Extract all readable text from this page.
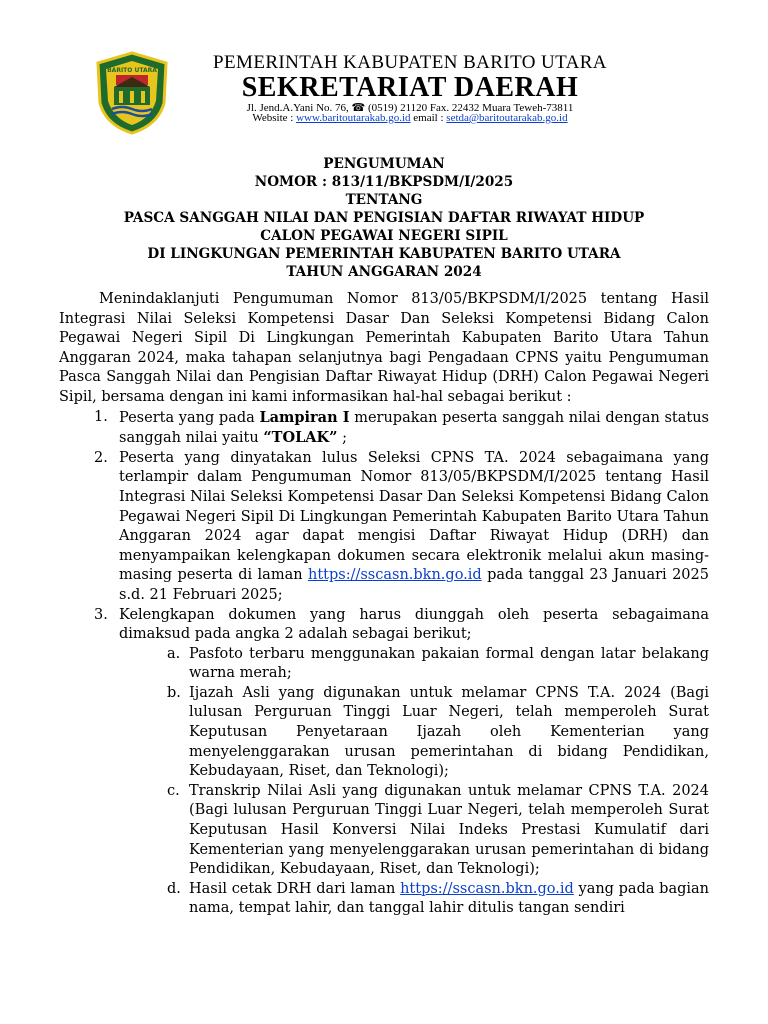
BARITO UTARA	PEMERINTAH KABUPATEN BARITO UTARA
SEKRETARIAT DAERAH
Jl. Jend.A.Yani No. 76, ☎ (0519) 21120 Fax. 22432 Muara Teweh-73811
Website : www.baritoutarakab.go.id email : setda@baritoutarakab.go.id
PENGUMUMAN
NOMOR : 813/11/BKPSDM/I/2025
TENTANG
PASCA SANGGAH NILAI DAN PENGISIAN DAFTAR RIWAYAT HIDUP
CALON PEGAWAI NEGERI SIPIL
DI LINGKUNGAN PEMERINTAH KABUPATEN BARITO UTARA
TAHUN ANGGARAN 2024

Menindaklanjuti Pengumuman Nomor 813/05/BKPSDM/I/2025 tentang Hasil Integrasi Nilai Seleksi Kompetensi Dasar Dan Seleksi Kompetensi Bidang Calon Pegawai Negeri Sipil Di Lingkungan Pemerintah Kabupaten Barito Utara Tahun Anggaran 2024, maka tahapan selanjutnya bagi Pengadaan CPNS yaitu Pengumuman Pasca Sanggah Nilai dan Pengisian Daftar Riwayat Hidup (DRH) Calon Pegawai Negeri Sipil, bersama dengan ini kami informasikan hal-hal sebagai berikut :

1. Peserta yang pada Lampiran I merupakan peserta sanggah nilai dengan status sanggah nilai yaitu “TOLAK” ;
2. Peserta yang dinyatakan lulus Seleksi CPNS TA. 2024 sebagaimana yang terlampir dalam Pengumuman Nomor 813/05/BKPSDM/I/2025 tentang Hasil Integrasi Nilai Seleksi Kompetensi Dasar Dan Seleksi Kompetensi Bidang Calon Pegawai Negeri Sipil Di Lingkungan Pemerintah Kabupaten Barito Utara Tahun Anggaran 2024 agar dapat mengisi Daftar Riwayat Hidup (DRH) dan menyampaikan kelengkapan dokumen secara elektronik melalui akun masing-masing peserta di laman https://sscasn.bkn.go.id pada tanggal 23 Januari 2025 s.d. 21 Februari 2025;
3. Kelengkapan dokumen yang harus diunggah oleh peserta sebagaimana dimaksud pada angka 2 adalah sebagai berikut;
a. Pasfoto terbaru menggunakan pakaian formal dengan latar belakang warna merah;
b. Ijazah Asli yang digunakan untuk melamar CPNS T.A. 2024 (Bagi lulusan Perguruan Tinggi Luar Negeri, telah memperoleh Surat Keputusan Penyetaraan Ijazah oleh Kementerian yang menyelenggarakan urusan pemerintahan di bidang Pendidikan, Kebudayaan, Riset, dan Teknologi);
c. Transkrip Nilai Asli yang digunakan untuk melamar CPNS T.A. 2024 (Bagi lulusan Perguruan Tinggi Luar Negeri, telah memperoleh Surat Keputusan Hasil Konversi Nilai Indeks Prestasi Kumulatif dari Kementerian yang menyelenggarakan urusan pemerintahan di bidang Pendidikan, Kebudayaan, Riset, dan Teknologi);
d. Hasil cetak DRH dari laman https://sscasn.bkn.go.id yang pada bagian nama, tempat lahir, dan tanggal lahir ditulis tangan sendiri
